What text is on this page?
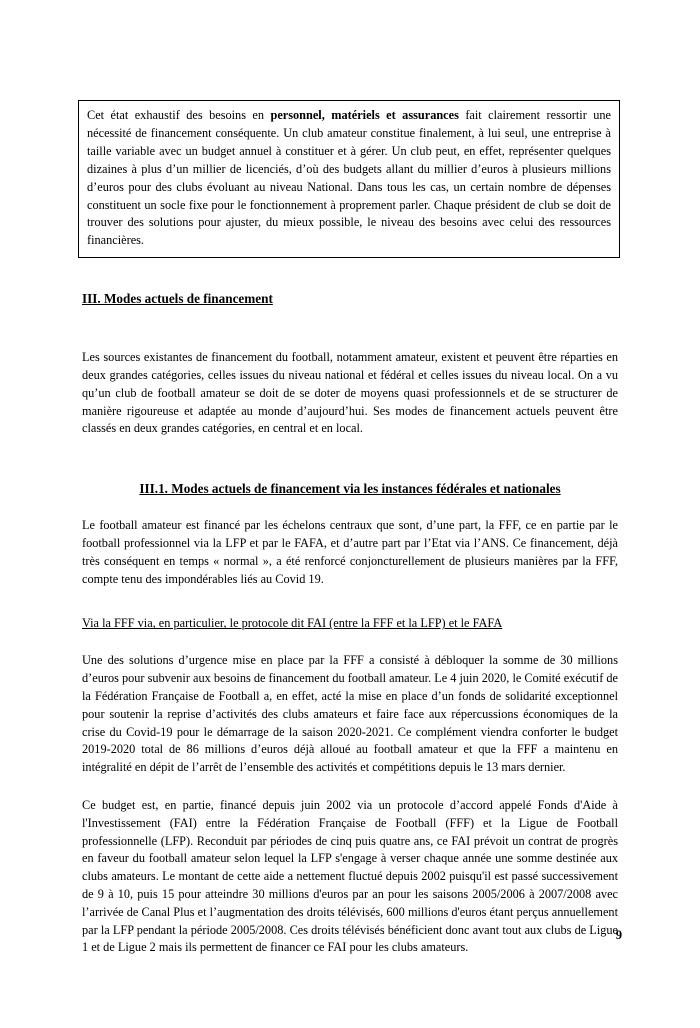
Cet état exhaustif des besoins en personnel, matériels et assurances fait clairement ressortir une nécessité de financement conséquente. Un club amateur constitue finalement, à lui seul, une entreprise à taille variable avec un budget annuel à constituer et à gérer. Un club peut, en effet, représenter quelques dizaines à plus d’un millier de licenciés, d’où des budgets allant du millier d’euros à plusieurs millions d’euros pour des clubs évoluant au niveau National. Dans tous les cas, un certain nombre de dépenses constituent un socle fixe pour le fonctionnement à proprement parler. Chaque président de club se doit de trouver des solutions pour ajuster, du mieux possible, le niveau des besoins avec celui des ressources financières.

III. Modes actuels de financement

Les sources existantes de financement du football, notamment amateur, existent et peuvent être réparties en deux grandes catégories, celles issues du niveau national et fédéral et celles issues du niveau local. On a vu qu’un club de football amateur se doit de se doter de moyens quasi professionnels et de se structurer de manière rigoureuse et adaptée au monde d’aujourd’hui. Ses modes de financement actuels peuvent être classés en deux grandes catégories, en central et en local.

III.1. Modes actuels de financement via les instances fédérales et nationales

Le football amateur est financé par les échelons centraux que sont, d’une part, la FFF, ce en partie par le football professionnel via la LFP et par le FAFA, et d’autre part par l’Etat via l’ANS. Ce financement, déjà très conséquent en temps « normal », a été renforcé conjoncturellement de plusieurs manières par la FFF, compte tenu des impondérables liés au Covid 19.

Via la FFF via, en particulier, le protocole dit FAI (entre la FFF et la LFP) et le FAFA

Une des solutions d’urgence mise en place par la FFF a consisté à débloquer la somme de 30 millions d’euros pour subvenir aux besoins de financement du football amateur. Le 4 juin 2020, le Comité exécutif de la Fédération Française de Football a, en effet, acté la mise en place d’un fonds de solidarité exceptionnel pour soutenir la reprise d’activités des clubs amateurs et faire face aux répercussions économiques de la crise du Covid-19 pour le démarrage de la saison 2020-2021. Ce complément viendra conforter le budget 2019-2020 total de 86 millions d’euros déjà alloué au football amateur et que la FFF a maintenu en intégralité en dépit de l’arrêt de l’ensemble des activités et compétitions depuis le 13 mars dernier.

Ce budget est, en partie, financé depuis juin 2002 via un protocole d’accord appelé Fonds d'Aide à l'Investissement (FAI) entre la Fédération Française de Football (FFF) et la Ligue de Football professionnelle (LFP). Reconduit par périodes de cinq puis quatre ans, ce FAI prévoit un contrat de progrès en faveur du football amateur selon lequel la LFP s'engage à verser chaque année une somme destinée aux clubs amateurs. Le montant de cette aide a nettement fluctué depuis 2002 puisqu'il est passé successivement de 9 à 10, puis 15 pour atteindre 30 millions d'euros par an pour les saisons 2005/2006 à 2007/2008 avec l’arrivée de Canal Plus et l’augmentation des droits télévisés, 600 millions d'euros étant perçus annuellement par la LFP pendant la période 2005/2008. Ces droits télévisés bénéficient donc avant tout aux clubs de Ligue 1 et de Ligue 2 mais ils permettent de financer ce FAI pour les clubs amateurs.

9
